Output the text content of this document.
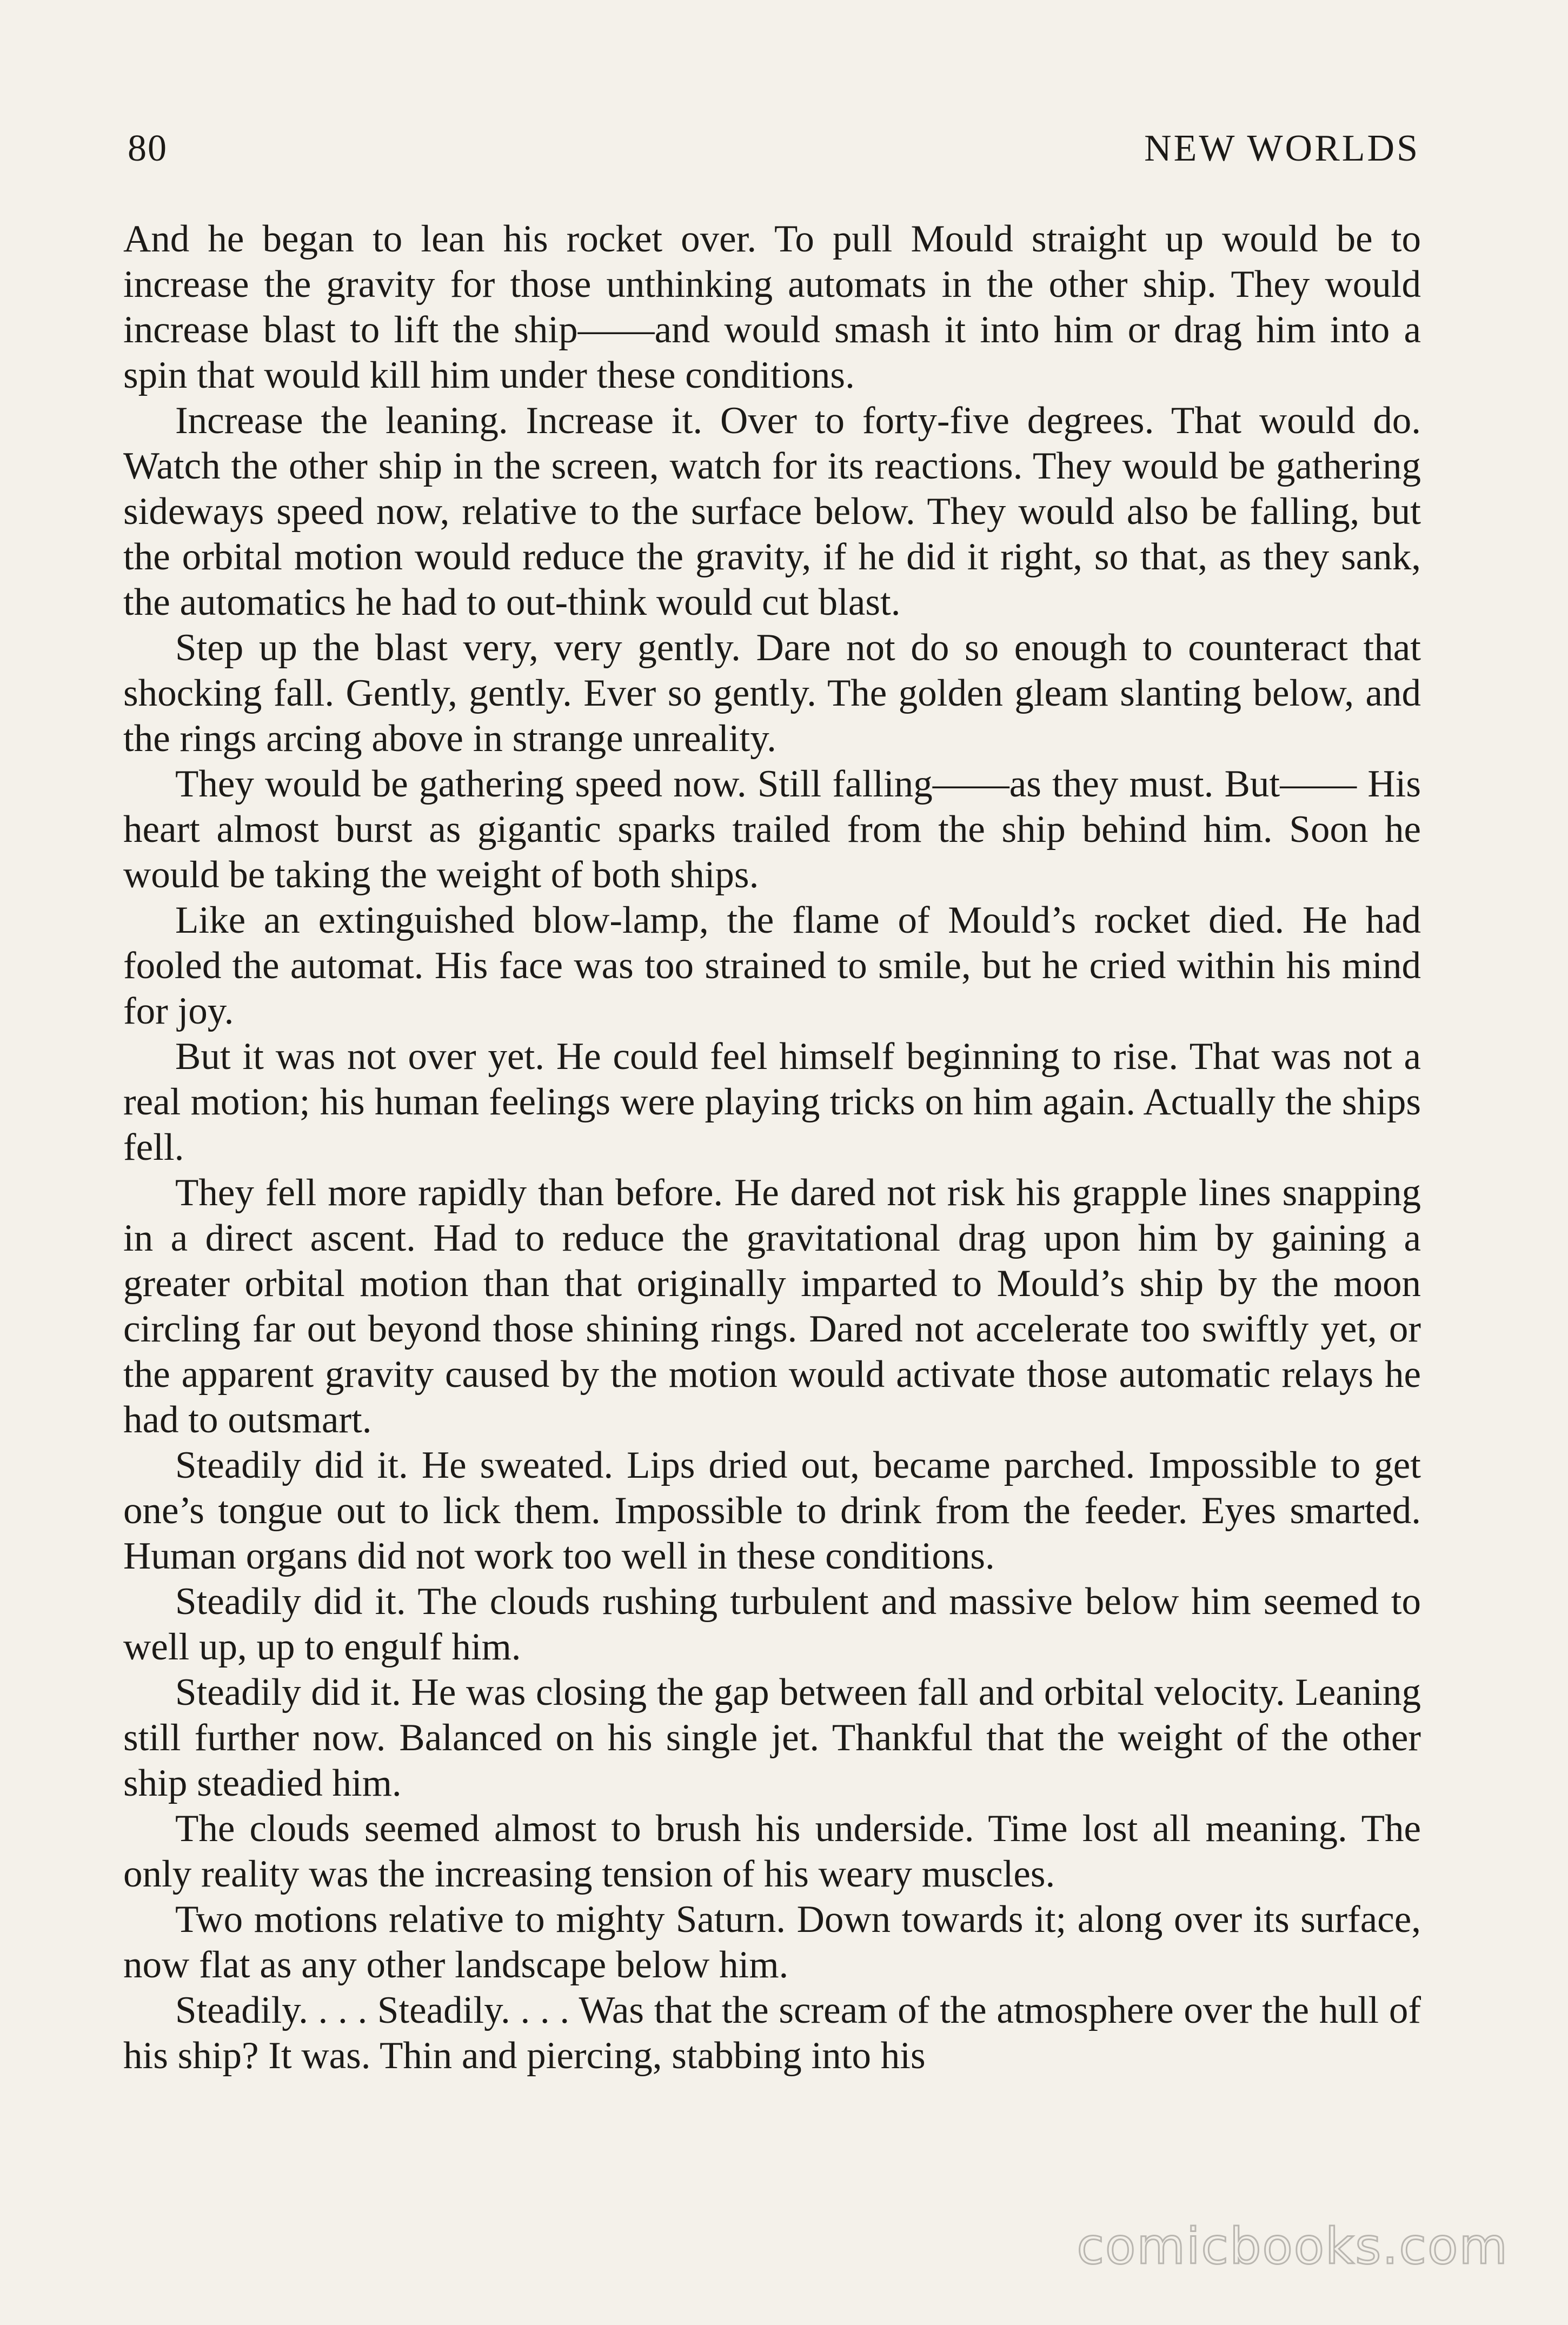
80	NEW WORLDS

And he began to lean his rocket over. To pull Mould straight up would be to increase the gravity for those unthinking automats in the other ship. They would increase blast to lift the ship——and would smash it into him or drag him into a spin that would kill him under these conditions.

Increase the leaning. Increase it. Over to forty-five degrees. That would do. Watch the other ship in the screen, watch for its reactions. They would be gathering sideways speed now, relative to the surface below. They would also be falling, but the orbital motion would reduce the gravity, if he did it right, so that, as they sank, the automatics he had to out-think would cut blast.

Step up the blast very, very gently. Dare not do so enough to counteract that shocking fall. Gently, gently. Ever so gently. The golden gleam slanting below, and the rings arcing above in strange unreality.

They would be gathering speed now. Still falling——as they must. But—— His heart almost burst as gigantic sparks trailed from the ship behind him. Soon he would be taking the weight of both ships.

Like an extinguished blow-lamp, the flame of Mould’s rocket died. He had fooled the automat. His face was too strained to smile, but he cried within his mind for joy.

But it was not over yet. He could feel himself beginning to rise. That was not a real motion; his human feelings were playing tricks on him again. Actually the ships fell.

They fell more rapidly than before. He dared not risk his grapple lines snapping in a direct ascent. Had to reduce the gravitational drag upon him by gaining a greater orbital motion than that originally imparted to Mould’s ship by the moon circling far out beyond those shining rings. Dared not accelerate too swiftly yet, or the apparent gravity caused by the motion would activate those automatic relays he had to outsmart.

Steadily did it. He sweated. Lips dried out, became parched. Impossible to get one’s tongue out to lick them. Impossible to drink from the feeder. Eyes smarted. Human organs did not work too well in these conditions.

Steadily did it. The clouds rushing turbulent and massive below him seemed to well up, up to engulf him.

Steadily did it. He was closing the gap between fall and orbital velocity. Leaning still further now. Balanced on his single jet. Thankful that the weight of the other ship steadied him.

The clouds seemed almost to brush his underside. Time lost all meaning. The only reality was the increasing tension of his weary muscles.

Two motions relative to mighty Saturn. Down towards it; along over its surface, now flat as any other landscape below him.

Steadily. . . . Steadily. . . . Was that the scream of the atmosphere over the hull of his ship? It was. Thin and piercing, stabbing into his

comicbooks.com
